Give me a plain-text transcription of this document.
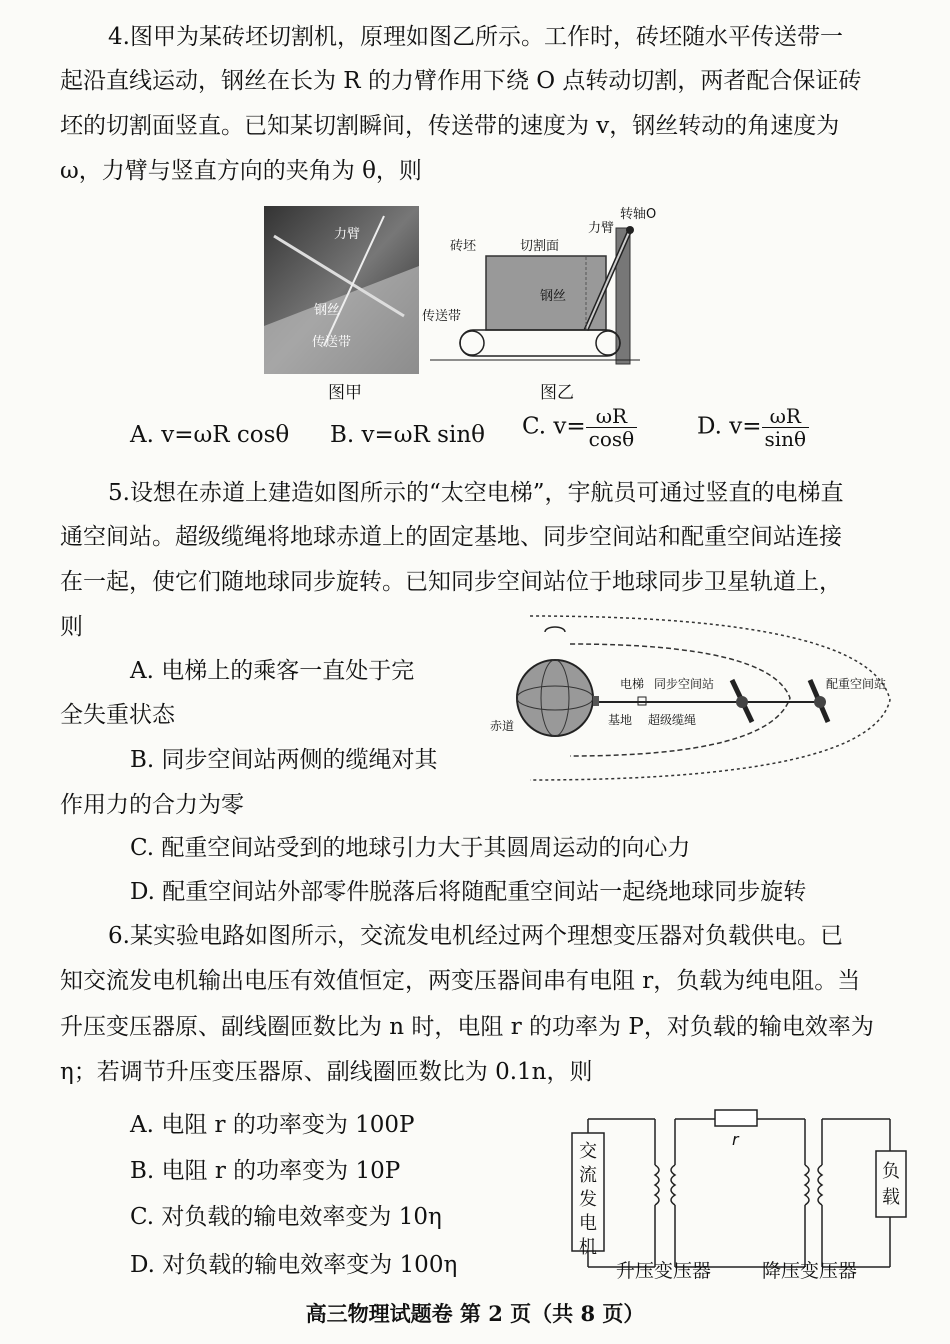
4.图甲为某砖坯切割机，原理如图乙所示。工作时，砖坯随水平传送带一
起沿直线运动，钢丝在长为 R 的力臂作用下绕 O 点转动切割，两者配合保证砖
坯的切割面竖直。已知某切割瞬间，传送带的速度为 v，钢丝转动的角速度为
ω，力臂与竖直方向的夹角为 θ，则
力臂
钢丝
传送带
图甲
砖坯	切割面
力臂
转轴O
钢丝
传送带
图乙
A. v=ωR cosθ B. v=ωR sinθ C. $v= \frac{\omega R}{\cos\theta}$	D. $v= \frac{\omega R}{\sin\theta}$
5.设想在赤道上建造如图所示的“太空电梯”，宇航员可通过竖直的电梯直
通空间站。超级缆绳将地球赤道上的固定基地、同步空间站和配重空间站连接
在一起，使它们随地球同步旋转。已知同步空间站位于地球同步卫星轨道上，
则
A. 电梯上的乘客一直处于完
全失重状态
B. 同步空间站两侧的缆绳对其
作用力的合力为零
C. 配重空间站受到的地球引力大于其圆周运动的向心力
D. 配重空间站外部零件脱落后将随配重空间站一起绕地球同步旋转
电梯 同步空间站	配重空间站
赤道	基地 超级缆绳
6.某实验电路如图所示，交流发电机经过两个理想变压器对负载供电。已
知交流发电机输出电压有效值恒定，两变压器间串有电阻 r，负载为纯电阻。当
升压变压器原、副线圈匝数比为 n 时，电阻 r 的功率为 P，对负载的输电效率为
η；若调节升压变压器原、副线圈匝数比为 0.1n，则
A. 电阻 r 的功率变为 100P
B. 电阻 r 的功率变为 10P
C. 对负载的输电效率变为 10η
D. 对负载的输电效率变为 100η
交流发电机
r
负载
升压变压器	降压变压器
高三物理试题卷 第 2 页（共 8 页）
